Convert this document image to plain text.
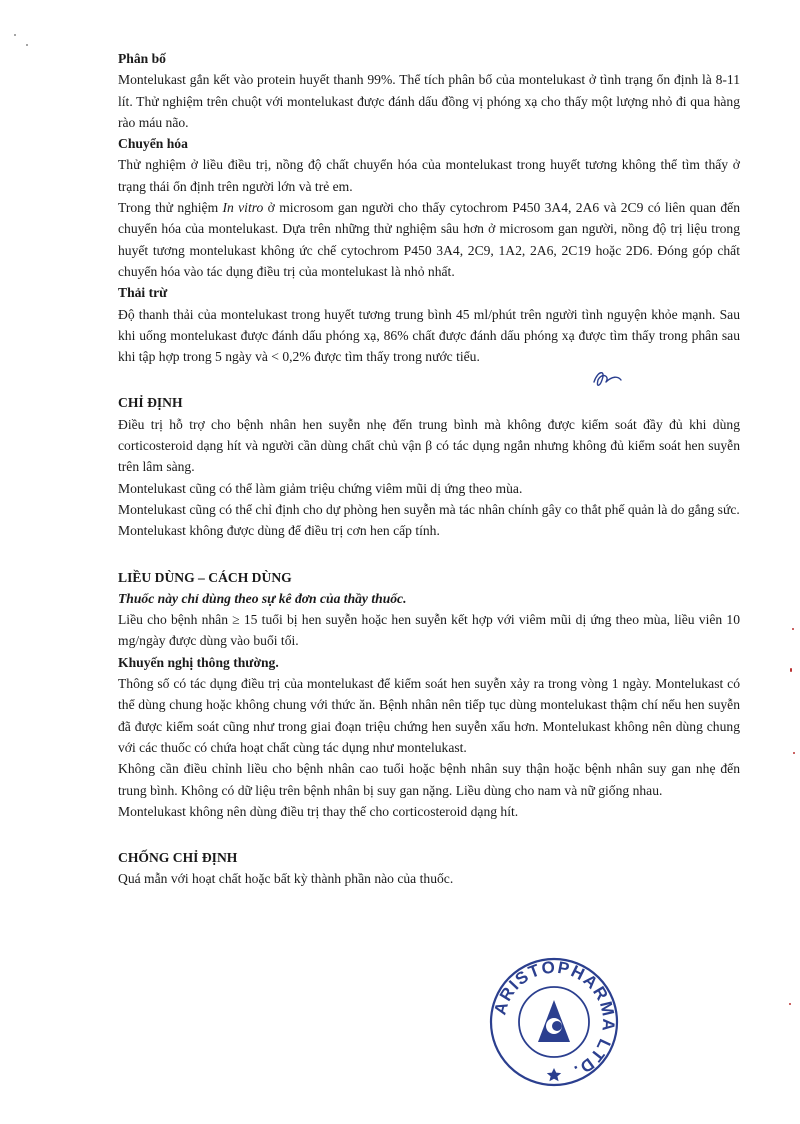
Phân bố

Montelukast gắn kết vào protein huyết thanh 99%. Thể tích phân bố của montelukast ở tình trạng ổn định là 8-11 lít. Thử nghiệm trên chuột với montelukast được đánh dấu đồng vị phóng xạ cho thấy một lượng nhỏ đi qua hàng rào máu não.

Chuyển hóa

Thử nghiệm ở liều điều trị, nồng độ chất chuyển hóa của montelukast trong huyết tương không thể tìm thấy ở trạng thái ổn định trên người lớn và trẻ em.

Trong thử nghiệm In vitro ở microsom gan người cho thấy cytochrom P450 3A4, 2A6 và 2C9 có liên quan đến chuyển hóa của montelukast. Dựa trên những thử nghiệm sâu hơn ở microsom gan người, nồng độ trị liệu trong huyết tương montelukast không ức chế cytochrom P450 3A4, 2C9, 1A2, 2A6, 2C19 hoặc 2D6. Đóng góp chất chuyển hóa vào tác dụng điều trị của montelukast là nhỏ nhất.

Thải trừ

Độ thanh thải của montelukast trong huyết tương trung bình 45 ml/phút trên người tình nguyện khỏe mạnh. Sau khi uống montelukast được đánh dấu phóng xạ, 86% chất được đánh dấu phóng xạ được tìm thấy trong phân sau khi tập hợp trong 5 ngày và < 0,2% được tìm thấy trong nước tiểu.

CHỈ ĐỊNH

Điều trị hỗ trợ cho bệnh nhân hen suyễn nhẹ đến trung bình mà không được kiểm soát đầy đủ khi dùng corticosteroid dạng hít và người cần dùng chất chủ vận β có tác dụng ngắn nhưng không đủ kiểm soát hen suyễn trên lâm sàng.

Montelukast cũng có thể làm giảm triệu chứng viêm mũi dị ứng theo mùa.

Montelukast cũng có thể chỉ định cho dự phòng hen suyễn mà tác nhân chính gây co thắt phế quản là do gắng sức.

Montelukast không được dùng để điều trị cơn hen cấp tính.

LIỀU DÙNG – CÁCH DÙNG

Thuốc này chỉ dùng theo sự kê đơn của thầy thuốc.

Liều cho bệnh nhân ≥ 15 tuổi bị hen suyễn hoặc hen suyễn kết hợp với viêm mũi dị ứng theo mùa, liều viên 10 mg/ngày được dùng vào buổi tối.

Khuyến nghị thông thường.

Thông số có tác dụng điều trị của montelukast để kiểm soát hen suyễn xảy ra trong vòng 1 ngày. Montelukast có thể dùng chung hoặc không chung với thức ăn. Bệnh nhân nên tiếp tục dùng montelukast thậm chí nếu hen suyễn đã được kiểm soát cũng như trong giai đoạn triệu chứng hen suyễn xấu hơn. Montelukast không nên dùng chung với các thuốc có chứa hoạt chất cùng tác dụng như montelukast.

Không cần điều chỉnh liều cho bệnh nhân cao tuổi hoặc bệnh nhân suy thận hoặc bệnh nhân suy gan nhẹ đến trung bình. Không có dữ liệu trên bệnh nhân bị suy gan nặng. Liều dùng cho nam và nữ giống nhau.

Montelukast không nên dùng điều trị thay thế cho corticosteroid dạng hít.

CHỐNG CHỈ ĐỊNH

Quá mẫn với hoạt chất hoặc bất kỳ thành phần nào của thuốc.

ARISTOPHARMA LTD.
